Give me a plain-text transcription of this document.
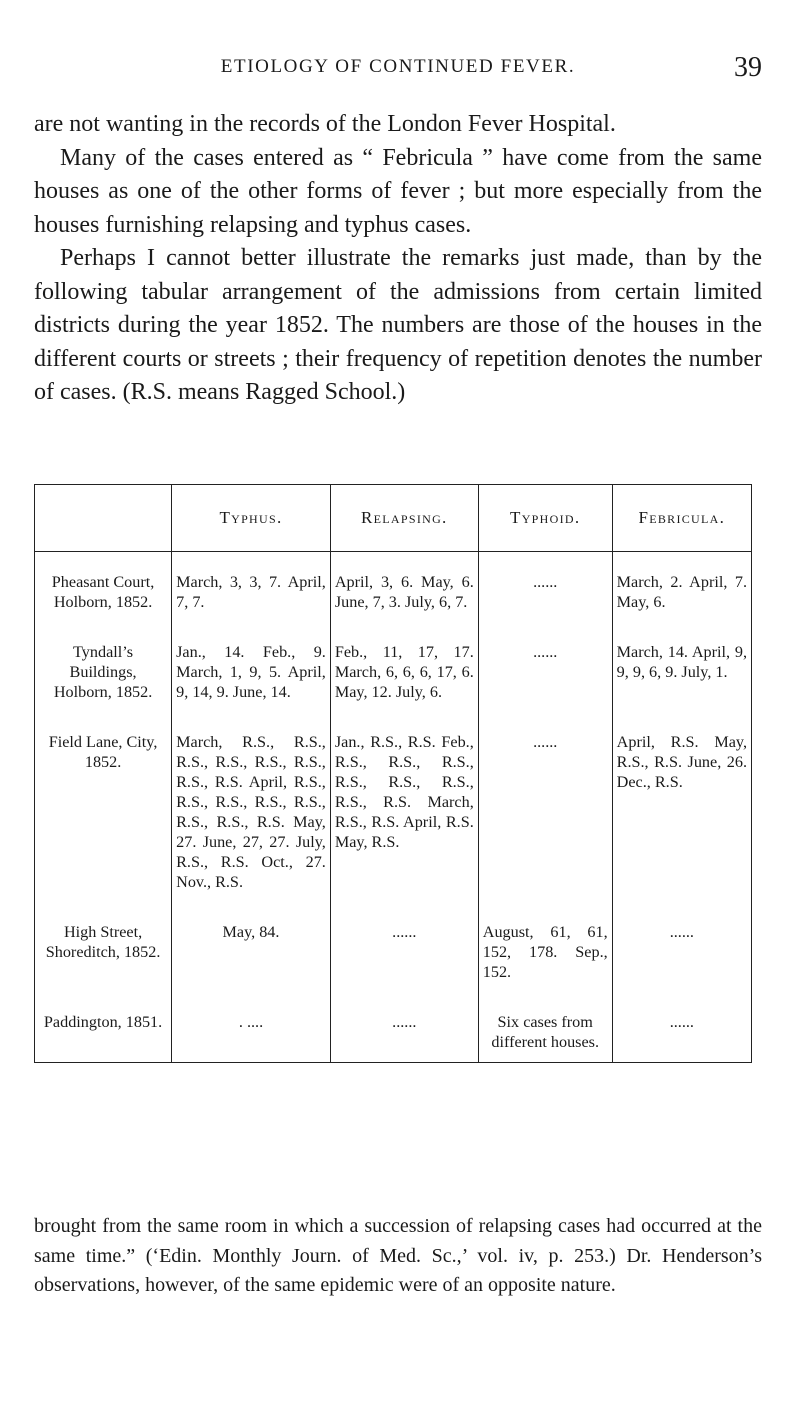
ETIOLOGY OF CONTINUED FEVER.	39

are not wanting in the records of the London Fever Hospital.

Many of the cases entered as “ Febricula ” have come from the same houses as one of the other forms of fever ; but more especially from the houses furnishing relapsing and typhus cases.

Perhaps I cannot better illustrate the remarks just made, than by the following tabular arrangement of the admissions from certain limited districts during the year 1852. The numbers are those of the houses in the different courts or streets ; their frequency of repetition denotes the number of cases. (R.S. means Ragged School.)

	Typhus.	Relapsing.	Typhoid.	Febricula.
Pheasant Court, Holborn, 1852.	March, 3, 3, 7. April, 7, 7.	April, 3, 6. May, 6. June, 7, 3. July, 6, 7.	......	March, 2. April, 7. May, 6.
Tyndall’s Buildings, Holborn, 1852.	Jan., 14. Feb., 9. March, 1, 9, 5. April, 9, 14, 9. June, 14.	Feb., 11, 17, 17. March, 6, 6, 6, 17, 6. May, 12. July, 6.	......	March, 14. April, 9, 9, 9, 6, 9. July, 1.
Field Lane, City, 1852.	March, R.S., R.S., R.S., R.S., R.S., R.S., R.S., R.S. April, R.S., R.S., R.S., R.S., R.S., R.S., R.S., R.S. May, 27. June, 27, 27. July, R.S., R.S. Oct., 27. Nov., R.S.	Jan., R.S., R.S. Feb., R.S., R.S., R.S., R.S., R.S., R.S., R.S., R.S. March, R.S., R.S. April, R.S. May, R.S.	......	April, R.S. May, R.S., R.S. June, 26. Dec., R.S.
High Street, Shoreditch, 1852.	May, 84.	......	August, 61, 61, 152, 178. Sep., 152.	......
Paddington, 1851.	. ....	......	Six cases from different houses.	......
brought from the same room in which a succession of relapsing cases had occurred at the same time.” (‘Edin. Monthly Journ. of Med. Sc.,’ vol. iv, p. 253.) Dr. Henderson’s observations, however, of the same epidemic were of an opposite nature.
